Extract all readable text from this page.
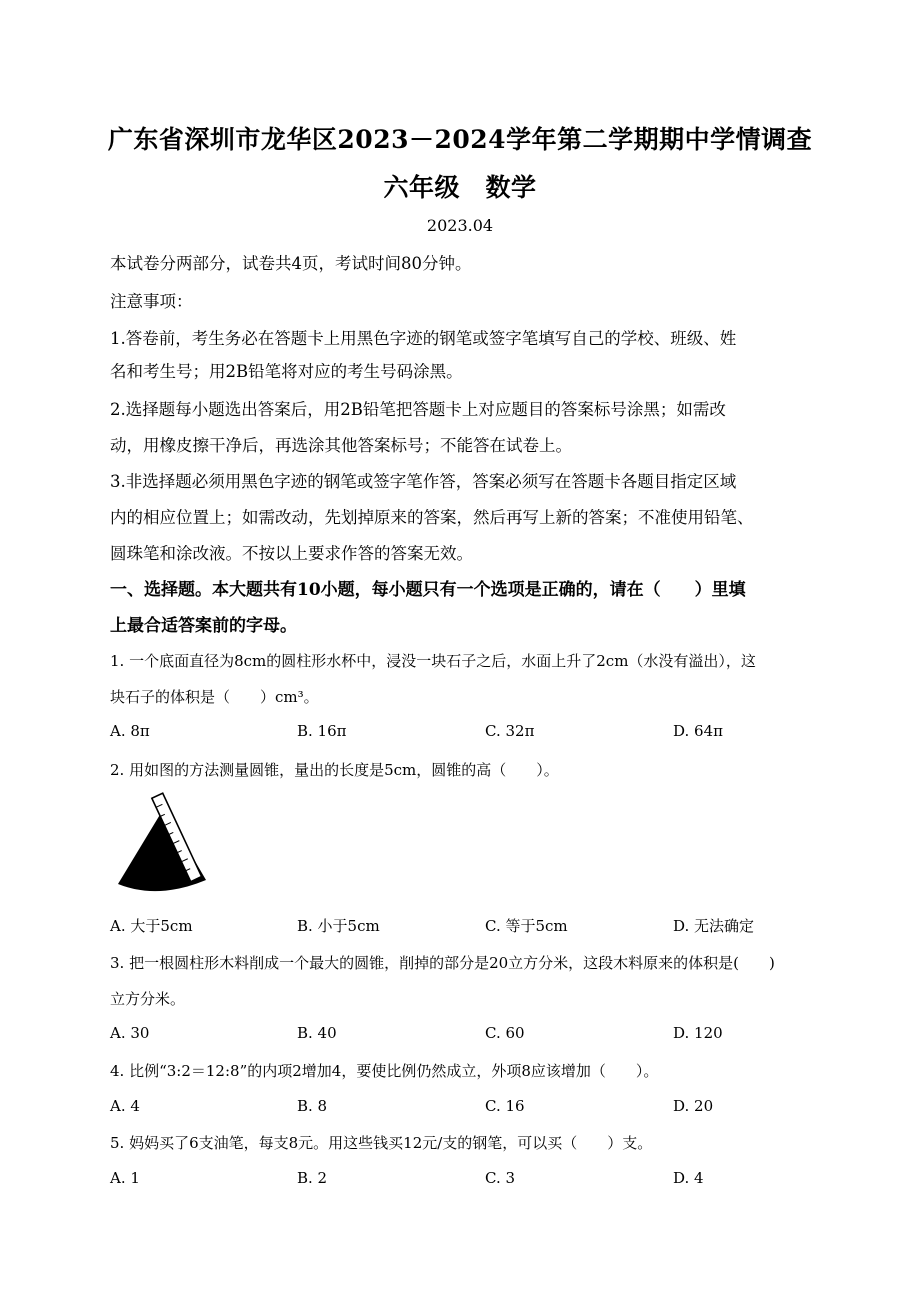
广东省深圳市龙华区2023－2024学年第二学期期中学情调查
六年级　数学
2023.04
本试卷分两部分，试卷共4页，考试时间80分钟。
注意事项：
1.答卷前，考生务必在答题卡上用黑色字迹的钢笔或签字笔填写自己的学校、班级、姓
名和考生号；用2B铅笔将对应的考生号码涂黑。
2.选择题每小题选出答案后，用2B铅笔把答题卡上对应题目的答案标号涂黑；如需改
动，用橡皮擦干净后，再选涂其他答案标号；不能答在试卷上。
3.非选择题必须用黑色字迹的钢笔或签字笔作答，答案必须写在答题卡各题目指定区域
内的相应位置上；如需改动，先划掉原来的答案，然后再写上新的答案；不准使用铅笔、
圆珠笔和涂改液。不按以上要求作答的答案无效。
一、选择题。本大题共有10小题，每小题只有一个选项是正确的，请在（　　）里填
上最合适答案前的字母。
1. 一个底面直径为8cm的圆柱形水杯中，浸没一块石子之后，水面上升了2cm（水没有溢出），这
块石子的体积是（　　）cm³。
A. 8π	B. 16π	C. 32π	D. 64π
2. 用如图的方法测量圆锥，量出的长度是5cm，圆锥的高（　　）。
A. 大于5cm	B. 小于5cm	C. 等于5cm	D. 无法确定
3. 把一根圆柱形木料削成一个最大的圆锥，削掉的部分是20立方分米，这段木料原来的体积是(　　)
立方分米。
A. 30	B. 40	C. 60	D. 120
4. 比例“3:2＝12:8”的内项2增加4，要使比例仍然成立，外项8应该增加（　　）。
A. 4	B. 8	C. 16	D. 20
5. 妈妈买了6支油笔，每支8元。用这些钱买12元/支的钢笔，可以买（　　）支。
A. 1	B. 2	C. 3	D. 4
